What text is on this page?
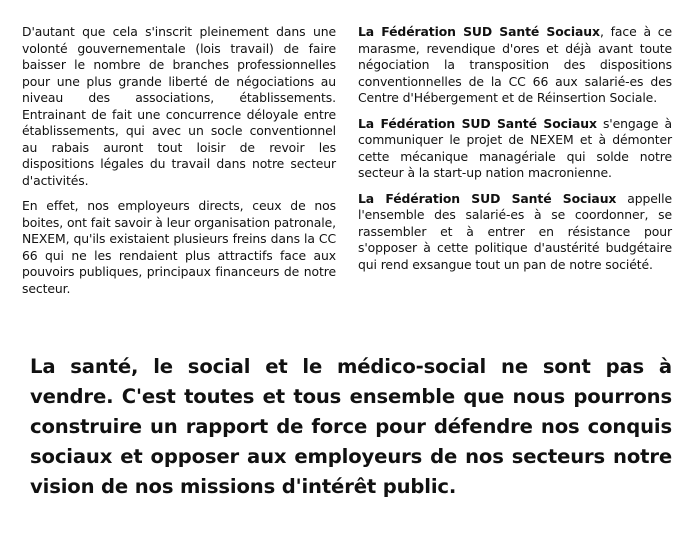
D'autant que cela s'inscrit pleinement dans une volonté gouvernementale (lois travail) de faire baisser le nombre de branches professionnelles pour une plus grande liberté de négociations au niveau des associations, établissements. Entrainant de fait une concurrence déloyale entre établissements, qui avec un socle conventionnel au rabais auront tout loisir de revoir les dispositions légales du travail dans notre secteur d'activités.

En effet, nos employeurs directs, ceux de nos boites, ont fait savoir à leur organisation patronale, NEXEM, qu'ils existaient plusieurs freins dans la CC 66 qui ne les rendaient plus attractifs face aux pouvoirs publiques, principaux financeurs de notre secteur.

La Fédération SUD Santé Sociaux, face à ce marasme, revendique d'ores et déjà avant toute négociation la transposition des dispositions conventionnelles de la CC 66 aux salarié-es des Centre d'Hébergement et de Réinsertion Sociale.

La Fédération SUD Santé Sociaux s'engage à communiquer le projet de NEXEM et à démonter cette mécanique managériale qui solde notre secteur à la start-up nation macronienne.

La Fédération SUD Santé Sociaux appelle l'ensemble des salarié-es à se coordonner, se rassembler et à entrer en résistance pour s'opposer à cette politique d'austérité budgétaire qui rend exsangue tout un pan de notre société.

La santé, le social et le médico-social ne sont pas à vendre. C'est toutes et tous ensemble que nous pourrons construire un rapport de force pour défendre nos conquis sociaux et opposer aux employeurs de nos secteurs notre vision de nos missions d'intérêt public.
